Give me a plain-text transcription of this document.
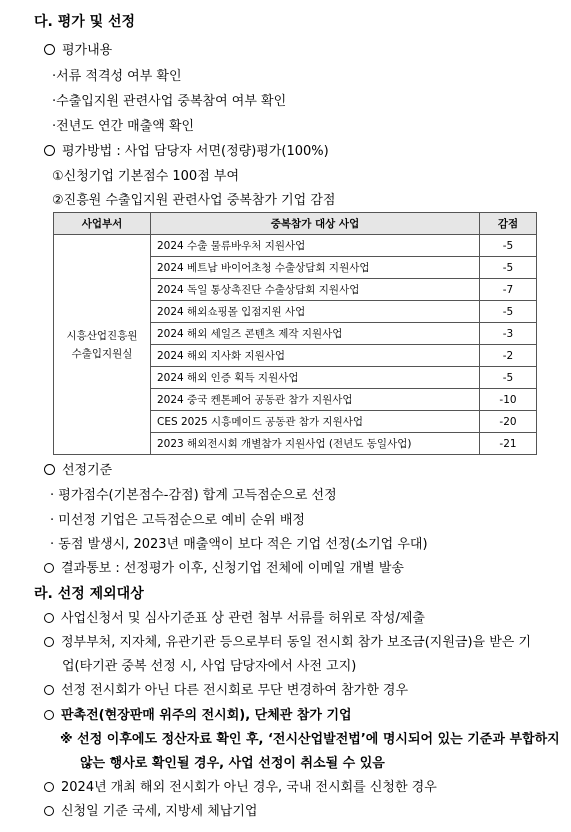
다. 평가 및 선정
평가내용
·서류 적격성 여부 확인
·수출입지원 관련사업 중복참여 여부 확인
·전년도 연간 매출액 확인
평가방법 : 사업 담당자 서면(정량)평가(100%)
①신청기업 기본점수 100점 부여
②진흥원 수출입지원 관련사업 중복참가 기업 감점
사업부서	중복참가 대상 사업	감점
시흥산업진흥원
수출입지원실	2024 수출 물류바우처 지원사업	-5
	2024 베트남 바이어초청 수출상담회 지원사업	-5
	2024 독일 통상촉진단 수출상담회 지원사업	-7
	2024 해외쇼핑몰 입점지원 사업	-5
	2024 해외 세일즈 콘텐츠 제작 지원사업	-3
	2024 해외 지사화 지원사업	-2
	2024 해외 인증 획득 지원사업	-5
	2024 중국 켄톤페어 공동관 참가 지원사업	-10
	CES 2025 시흥메이드 공동관 참가 지원사업	-20
	2023 해외전시회 개별참가 지원사업 (전년도 동일사업)	-21
선정기준
· 평가점수(기본점수-감점) 합계 고득점순으로 선정
· 미선정 기업은 고득점순으로 예비 순위 배정
· 동점 발생시, 2023년 매출액이 보다 적은 기업 선정(소기업 우대)
결과통보 : 선정평가 이후, 신청기업 전체에 이메일 개별 발송
라. 선정 제외대상
사업신청서 및 심사기준표 상 관련 첨부 서류를 허위로 작성/제출
정부부처, 지자체, 유관기관 등으로부터 동일 전시회 참가 보조금(지원금)을 받은 기
업(타기관 중복 선정 시, 사업 담당자에서 사전 고지)
선정 전시회가 아닌 다른 전시회로 무단 변경하여 참가한 경우
판촉전(현장판매 위주의 전시회), 단체관 참가 기업
※ 선정 이후에도 정산자료 확인 후, ‘전시산업발전법’에 명시되어 있는 기준과 부합하지
않는 행사로 확인될 경우, 사업 선정이 취소될 수 있음
2024년 개최 해외 전시회가 아닌 경우, 국내 전시회를 신청한 경우
신청일 기준 국세, 지방세 체납기업
